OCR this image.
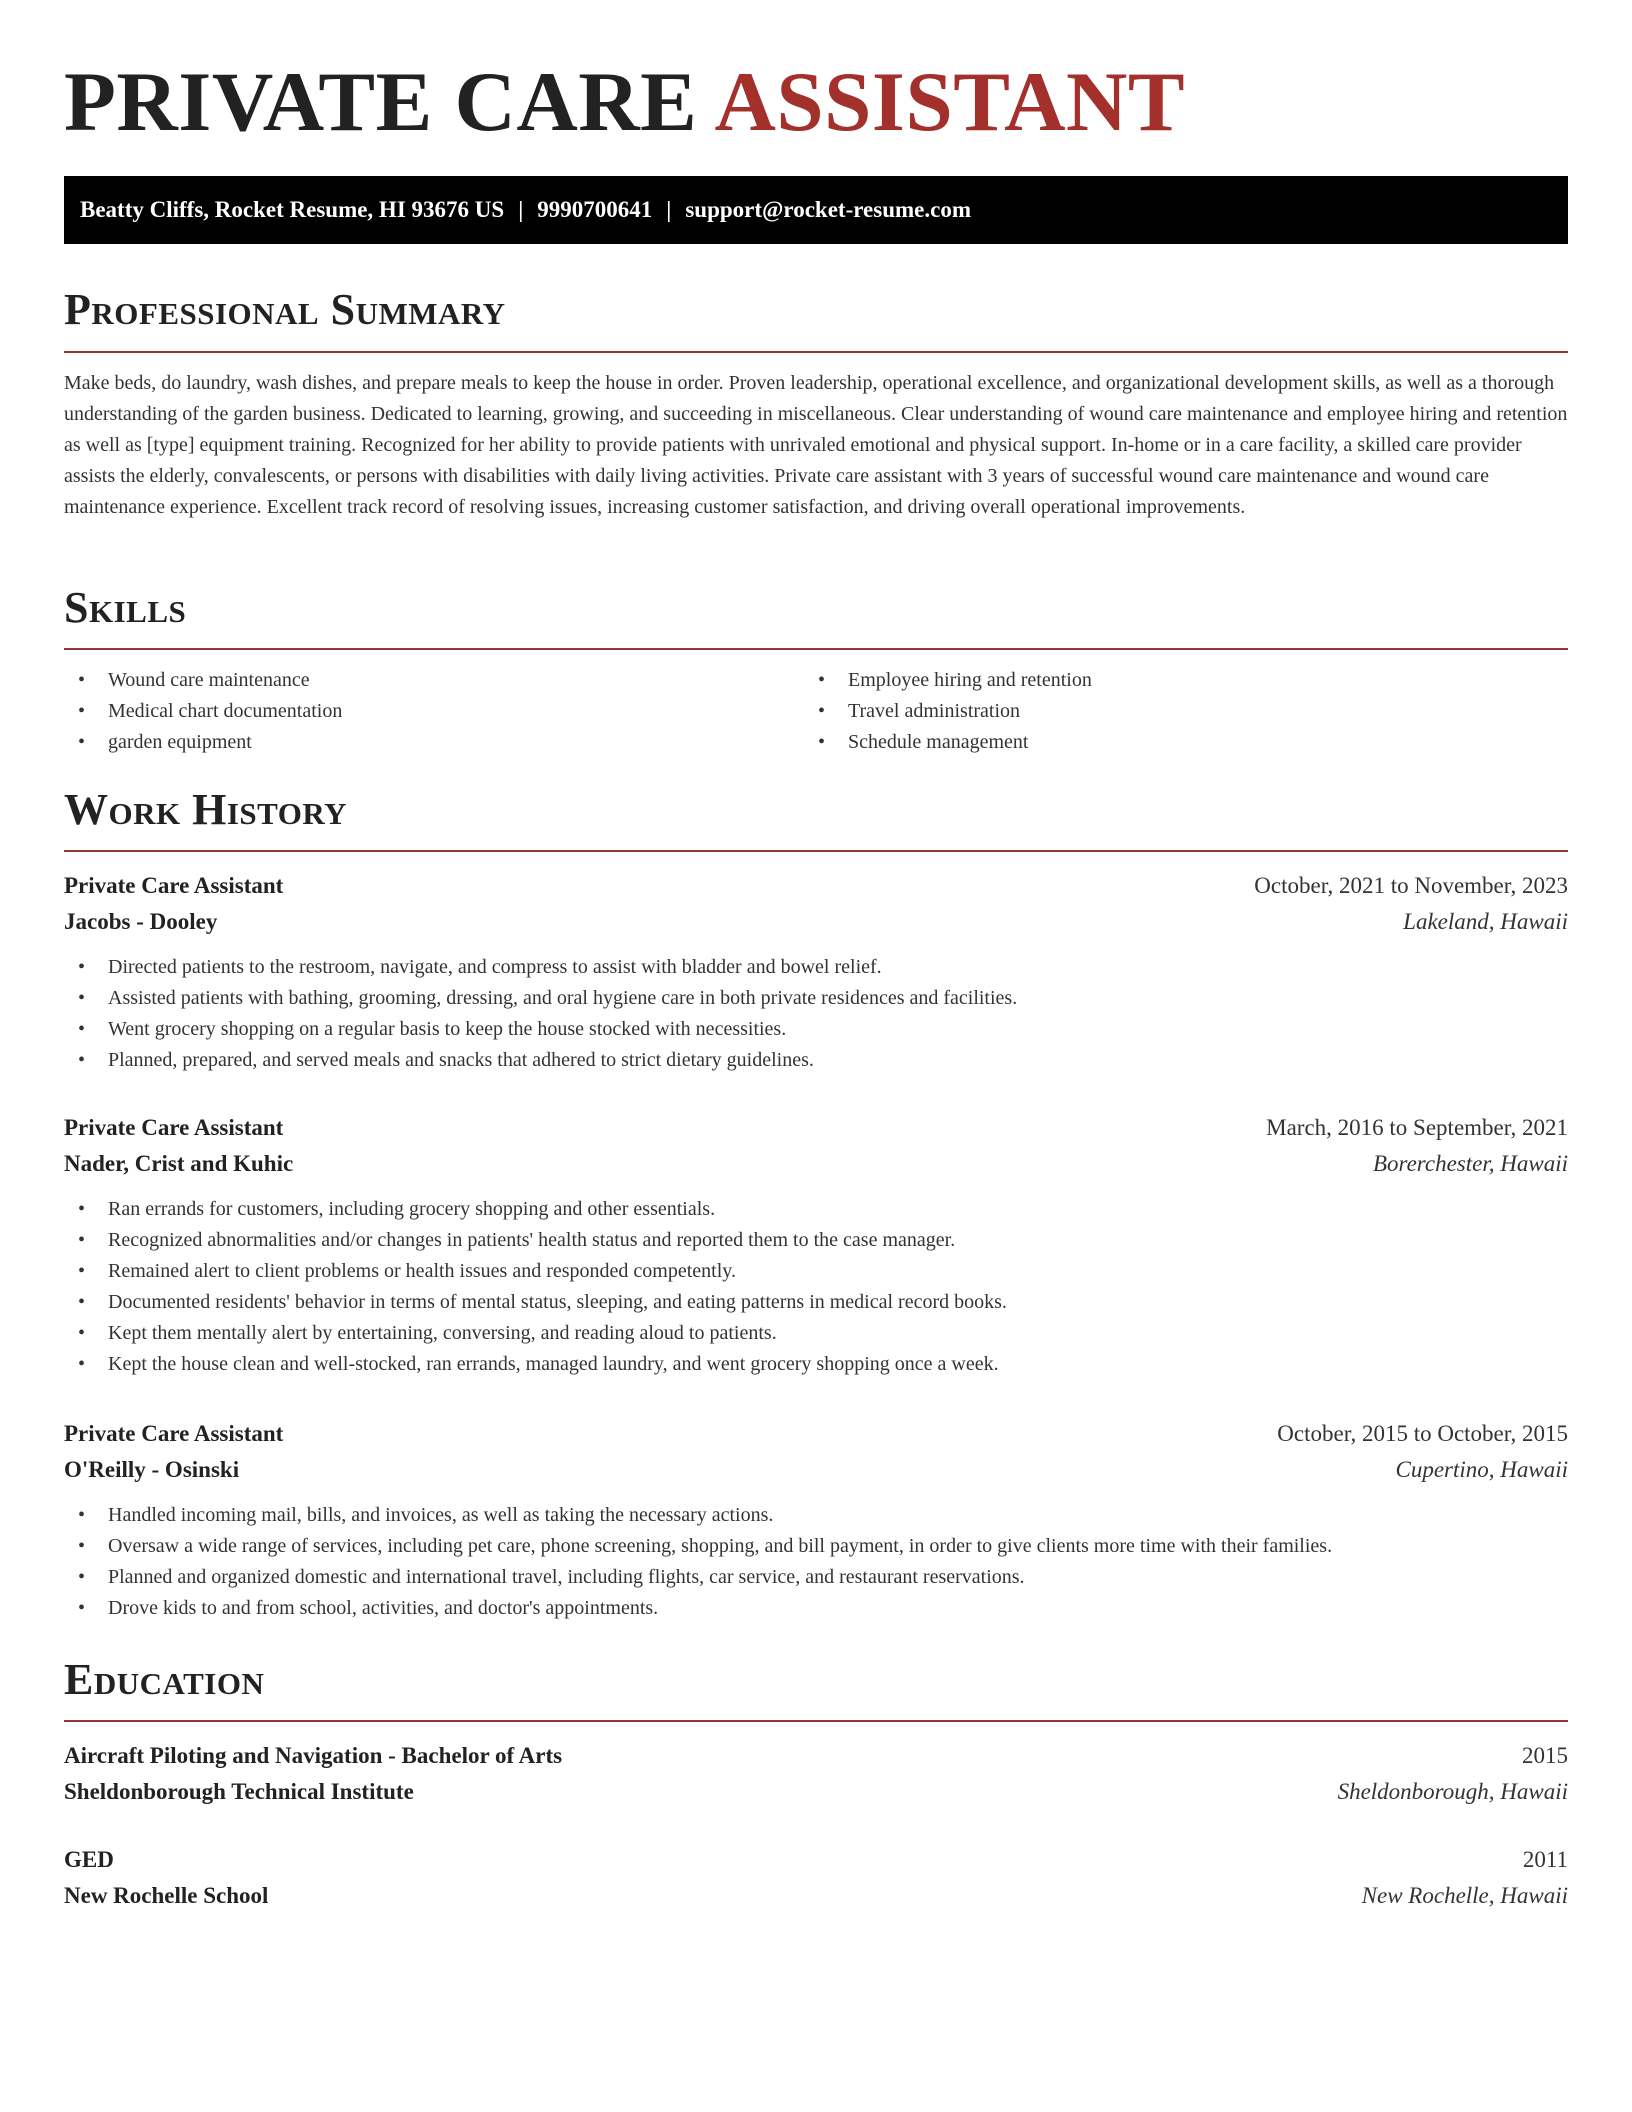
PRIVATE CARE ASSISTANT
Beatty Cliffs, Rocket Resume, HI 93676 US | 9990700641 | support@rocket-resume.com
Professional Summary

Make beds, do laundry, wash dishes, and prepare meals to keep the house in order. Proven leadership, operational excellence, and organizational development skills, as well as a thorough understanding of the garden business. Dedicated to learning, growing, and succeeding in miscellaneous. Clear understanding of wound care maintenance and employee hiring and retention as well as [type] equipment training. Recognized for her ability to provide patients with unrivaled emotional and physical support. In-home or in a care facility, a skilled care provider assists the elderly, convalescents, or persons with disabilities with daily living activities. Private care assistant with 3 years of successful wound care maintenance and wound care maintenance experience. Excellent track record of resolving issues, increasing customer satisfaction, and driving overall operational improvements.

Skills
• Wound care maintenance
• Medical chart documentation
• garden equipment
• Employee hiring and retention
• Travel administration
• Schedule management
Work History
Private Care Assistant	October, 2021 to November, 2023
Jacobs - Dooley	Lakeland, Hawaii
• Directed patients to the restroom, navigate, and compress to assist with bladder and bowel relief.
• Assisted patients with bathing, grooming, dressing, and oral hygiene care in both private residences and facilities.
• Went grocery shopping on a regular basis to keep the house stocked with necessities.
• Planned, prepared, and served meals and snacks that adhered to strict dietary guidelines.
Private Care Assistant	March, 2016 to September, 2021
Nader, Crist and Kuhic	Borerchester, Hawaii
• Ran errands for customers, including grocery shopping and other essentials.
• Recognized abnormalities and/or changes in patients' health status and reported them to the case manager.
• Remained alert to client problems or health issues and responded competently.
• Documented residents' behavior in terms of mental status, sleeping, and eating patterns in medical record books.
• Kept them mentally alert by entertaining, conversing, and reading aloud to patients.
• Kept the house clean and well-stocked, ran errands, managed laundry, and went grocery shopping once a week.
Private Care Assistant	October, 2015 to October, 2015
O'Reilly - Osinski	Cupertino, Hawaii
• Handled incoming mail, bills, and invoices, as well as taking the necessary actions.
• Oversaw a wide range of services, including pet care, phone screening, shopping, and bill payment, in order to give clients more time with their families.
• Planned and organized domestic and international travel, including flights, car service, and restaurant reservations.
• Drove kids to and from school, activities, and doctor's appointments.
Education
Aircraft Piloting and Navigation - Bachelor of Arts	2015
Sheldonborough Technical Institute	Sheldonborough, Hawaii
GED	2011
New Rochelle School	New Rochelle, Hawaii
